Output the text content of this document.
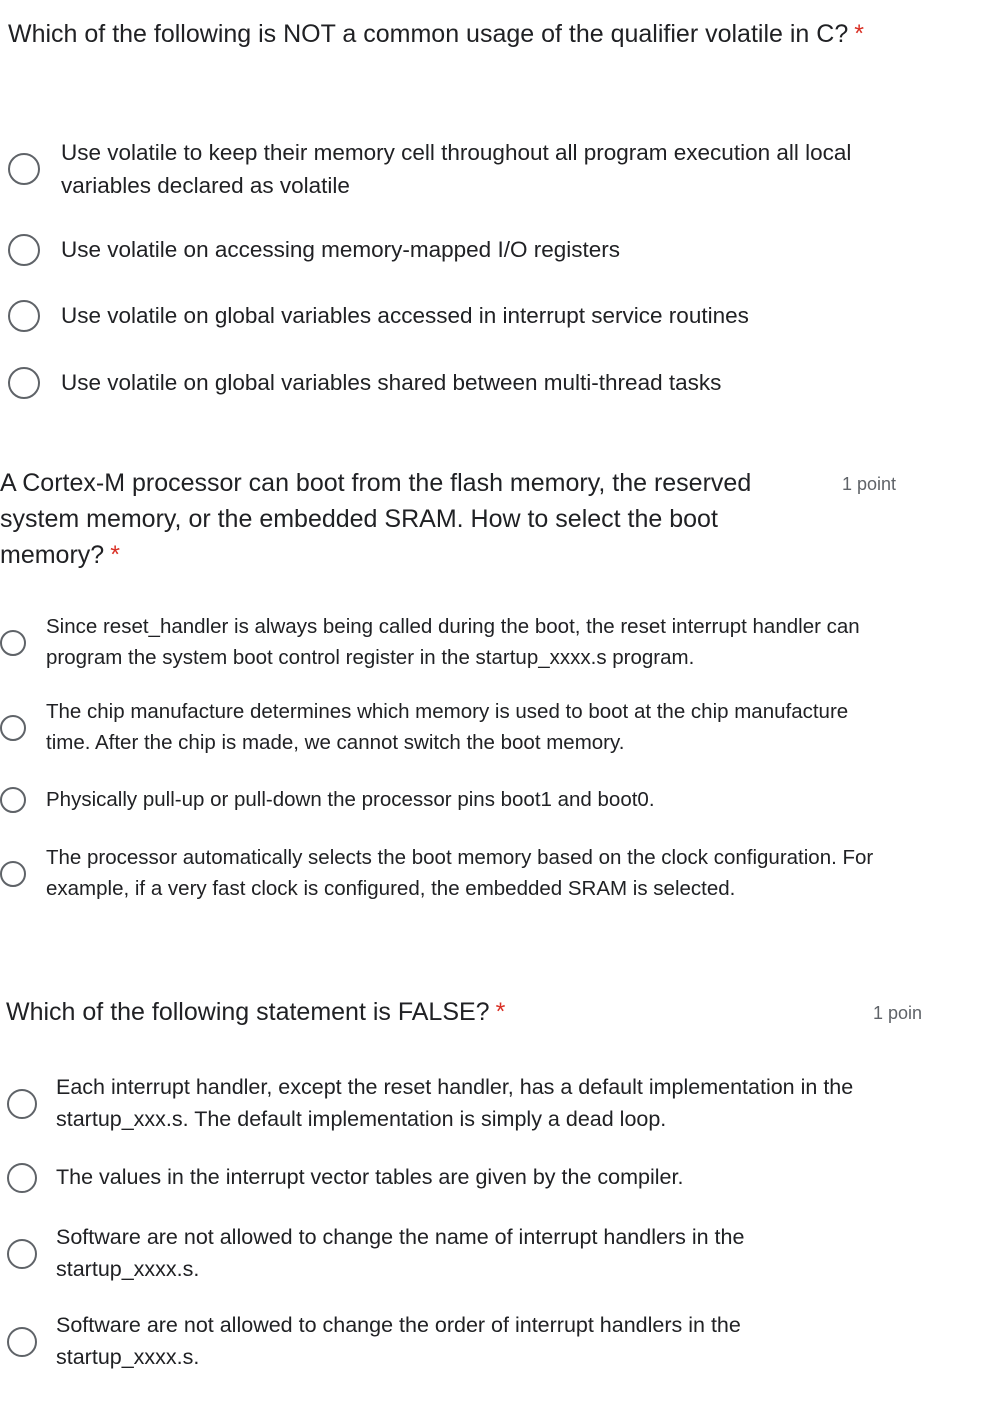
Which of the following is NOT a common usage of the qualifier volatile in C? *
Use volatile to keep their memory cell throughout all program execution all local variables declared as volatile
Use volatile on accessing memory-mapped I/O registers
Use volatile on global variables accessed in interrupt service routines
Use volatile on global variables shared between multi-thread tasks
A Cortex-M processor can boot from the flash memory, the reserved system memory, or the embedded SRAM. How to select the boot memory? *
1 point
Since reset_handler is always being called during the boot, the reset interrupt handler can program the system boot control register in the startup_xxxx.s program.
The chip manufacture determines which memory is used to boot at the chip manufacture time. After the chip is made, we cannot switch the boot memory.
Physically pull-up or pull-down the processor pins boot1 and boot0.
The processor automatically selects the boot memory based on the clock configuration. For example, if a very fast clock is configured, the embedded SRAM is selected.
Which of the following statement is FALSE? *	1 poin
Each interrupt handler, except the reset handler, has a default implementation in the startup_xxx.s. The default implementation is simply a dead loop.
The values in the interrupt vector tables are given by the compiler.
Software are not allowed to change the name of interrupt handlers in the startup_xxxx.s.
Software are not allowed to change the order of interrupt handlers in the startup_xxxx.s.
